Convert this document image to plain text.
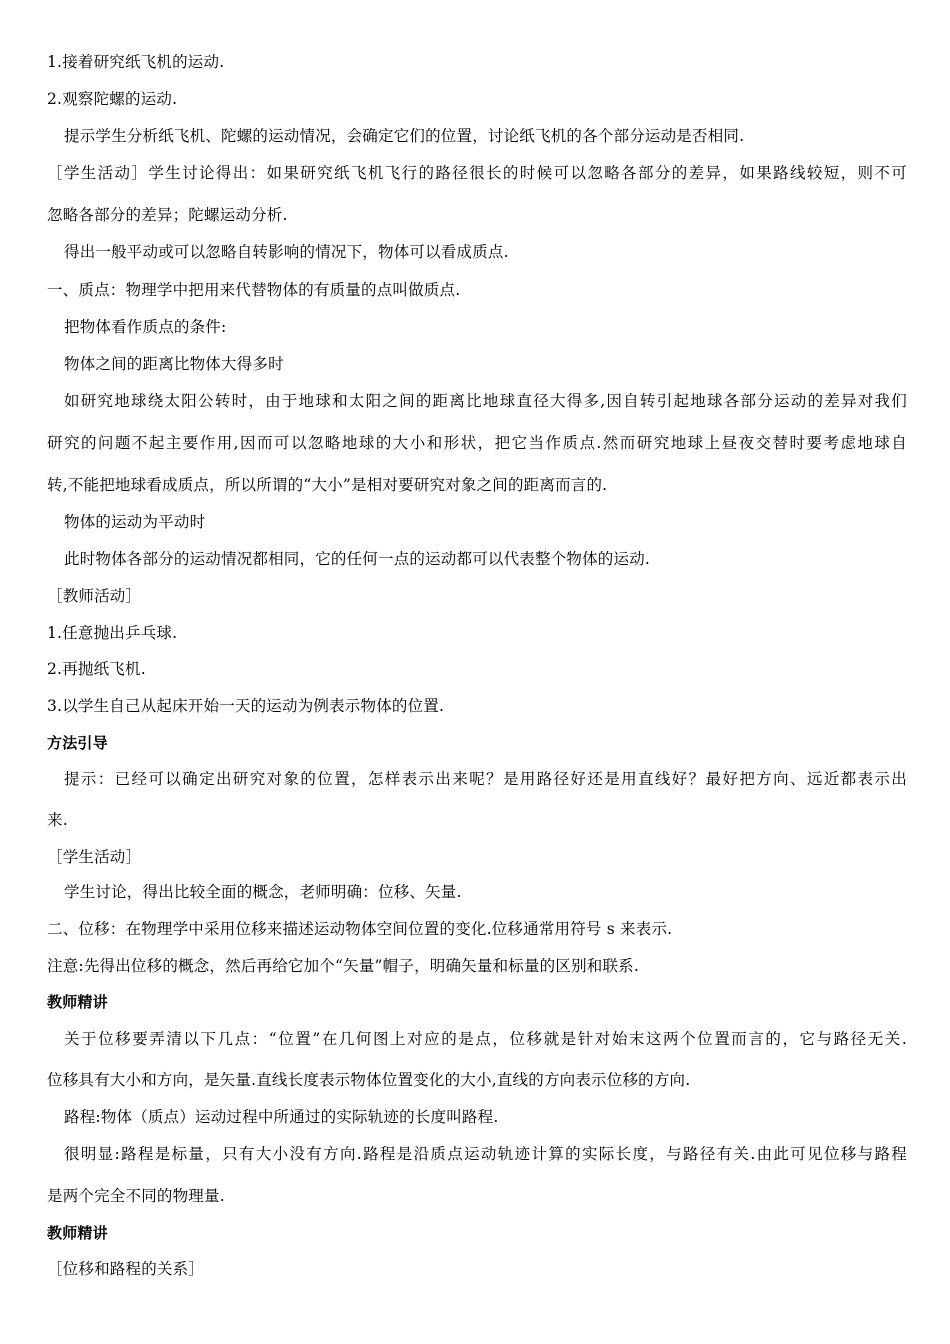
1.接着研究纸飞机的运动.
2.观察陀螺的运动.
提示学生分析纸飞机、陀螺的运动情况，会确定它们的位置，讨论纸飞机的各个部分运动是否相同.
［学生活动］学生讨论得出：如果研究纸飞机飞行的路径很长的时候可以忽略各部分的差异，如果路线较短，则不可
忽略各部分的差异；陀螺运动分析.
得出一般平动或可以忽略自转影响的情况下，物体可以看成质点.
一、质点：物理学中把用来代替物体的有质量的点叫做质点.
把物体看作质点的条件:
物体之间的距离比物体大得多时
如研究地球绕太阳公转时，由于地球和太阳之间的距离比地球直径大得多,因自转引起地球各部分运动的差异对我们
研究的问题不起主要作用,因而可以忽略地球的大小和形状，把它当作质点.然而研究地球上昼夜交替时要考虑地球自
转,不能把地球看成质点，所以所谓的“大小”是相对要研究对象之间的距离而言的.
物体的运动为平动时
此时物体各部分的运动情况都相同，它的任何一点的运动都可以代表整个物体的运动.
［教师活动］
1.任意抛出乒乓球.
2.再抛纸飞机.
3.以学生自己从起床开始一天的运动为例表示物体的位置.
方法引导
提示：已经可以确定出研究对象的位置，怎样表示出来呢？是用路径好还是用直线好？最好把方向、远近都表示出
来.
［学生活动］
学生讨论，得出比较全面的概念，老师明确：位移、矢量.
二、位移：在物理学中采用位移来描述运动物体空间位置的变化.位移通常用符号 s 来表示.
注意:先得出位移的概念，然后再给它加个“矢量”帽子，明确矢量和标量的区别和联系.
教师精讲
关于位移要弄清以下几点：“位置”在几何图上对应的是点，位移就是针对始末这两个位置而言的，它与路径无关.
位移具有大小和方向，是矢量.直线长度表示物体位置变化的大小,直线的方向表示位移的方向.
路程:物体（质点）运动过程中所通过的实际轨迹的长度叫路程.
很明显:路程是标量，只有大小没有方向.路程是沿质点运动轨迹计算的实际长度，与路径有关.由此可见位移与路程
是两个完全不同的物理量.
教师精讲
［位移和路程的关系］
